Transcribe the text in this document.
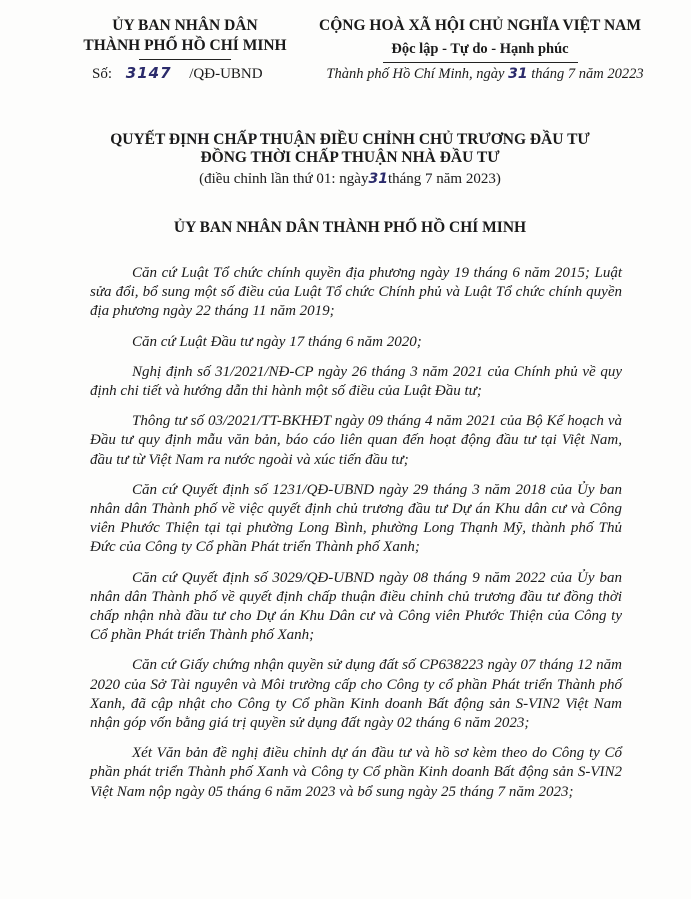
ỦY BAN NHÂN DÂN

THÀNH PHỐ HỒ CHÍ MINH
CỘNG HOÀ XÃ HỘI CHỦ NGHĨA VIỆT NAM
Độc lập - Tự do - Hạnh phúc
Số: 3147 /QĐ-UBND	Thành phố Hồ Chí Minh, ngày 31 tháng 7 năm 20223
QUYẾT ĐỊNH CHẤP THUẬN ĐIỀU CHỈNH CHỦ TRƯƠNG ĐẦU TƯ
ĐỒNG THỜI CHẤP THUẬN NHÀ ĐẦU TƯ
(điều chỉnh lần thứ 01: ngày31tháng 7 năm 2023)
ỦY BAN NHÂN DÂN THÀNH PHỐ HỒ CHÍ MINH

Căn cứ Luật Tổ chức chính quyền địa phương ngày 19 tháng 6 năm 2015; Luật sửa đổi, bổ sung một số điều của Luật Tổ chức Chính phủ và Luật Tổ chức chính quyền địa phương ngày 22 tháng 11 năm 2019;

Căn cứ Luật Đầu tư ngày 17 tháng 6 năm 2020;

Nghị định số 31/2021/NĐ-CP ngày 26 tháng 3 năm 2021 của Chính phủ về quy định chi tiết và hướng dẫn thi hành một số điều của Luật Đầu tư;

Thông tư số 03/2021/TT-BKHĐT ngày 09 tháng 4 năm 2021 của Bộ Kế hoạch và Đầu tư quy định mẫu văn bản, báo cáo liên quan đến hoạt động đầu tư tại Việt Nam, đầu tư từ Việt Nam ra nước ngoài và xúc tiến đầu tư;

Căn cứ Quyết định số 1231/QĐ-UBND ngày 29 tháng 3 năm 2018 của Ủy ban nhân dân Thành phố về việc quyết định chủ trương đầu tư Dự án Khu dân cư và Công viên Phước Thiện tại tại phường Long Bình, phường Long Thạnh Mỹ, thành phố Thủ Đức của Công ty Cổ phần Phát triển Thành phố Xanh;

Căn cứ Quyết định số 3029/QĐ-UBND ngày 08 tháng 9 năm 2022 của Ủy ban nhân dân Thành phố về quyết định chấp thuận điều chỉnh chủ trương đầu tư đồng thời chấp nhận nhà đầu tư cho Dự án Khu Dân cư và Công viên Phước Thiện của Công ty Cổ phần Phát triển Thành phố Xanh;

Căn cứ Giấy chứng nhận quyền sử dụng đất số CP638223 ngày 07 tháng 12 năm 2020 của Sở Tài nguyên và Môi trường cấp cho Công ty cổ phần Phát triển Thành phố Xanh, đã cập nhật cho Công ty Cổ phần Kinh doanh Bất động sản S-VIN2 Việt Nam nhận góp vốn bằng giá trị quyền sử dụng đất ngày 02 tháng 6 năm 2023;

Xét Văn bản đề nghị điều chỉnh dự án đầu tư và hồ sơ kèm theo do Công ty Cổ phần phát triển Thành phố Xanh và Công ty Cổ phần Kinh doanh Bất động sản S-VIN2 Việt Nam nộp ngày 05 tháng 6 năm 2023 và bổ sung ngày 25 tháng 7 năm 2023;
